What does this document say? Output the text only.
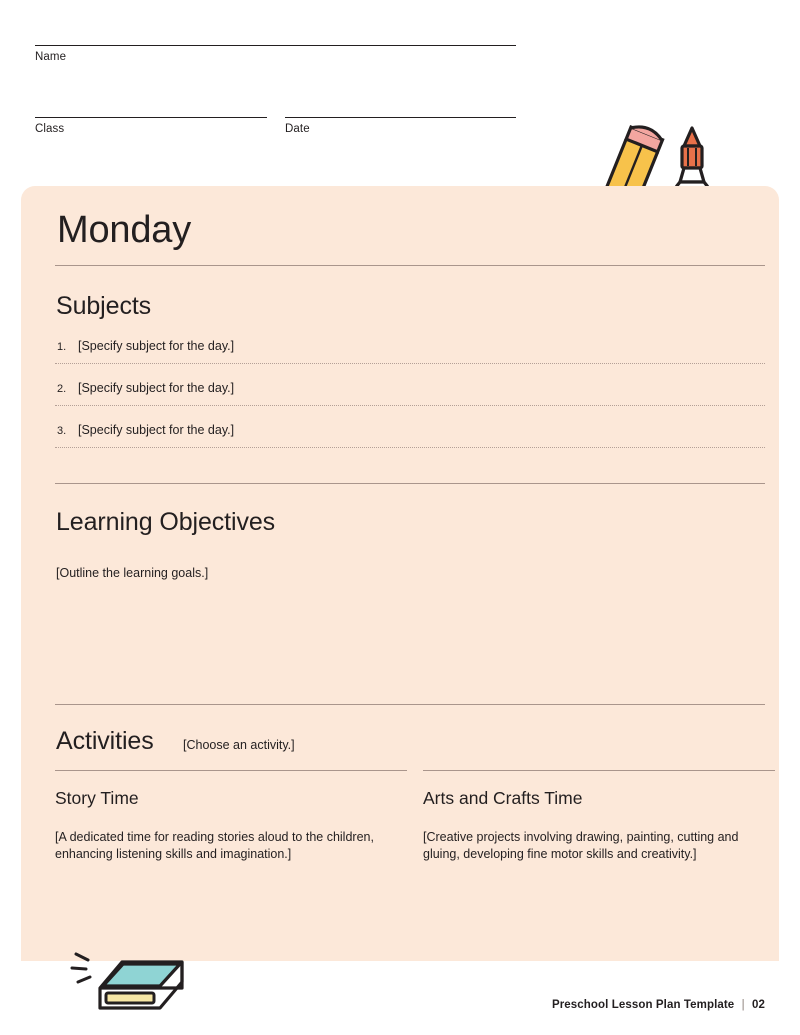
Name
Class	Date
Monday
Subjects
1. [Specify subject for the day.]
2. [Specify subject for the day.]
3. [Specify subject for the day.]
Learning Objectives
[Outline the learning goals.]
Activities [Choose an activity.]
Story Time
[A dedicated time for reading stories aloud to the children, enhancing listening skills and imagination.]
Arts and Crafts Time
[Creative projects involving drawing, painting, cutting and gluing, developing fine motor skills and creativity.]
Preschool Lesson Plan Template | 02
